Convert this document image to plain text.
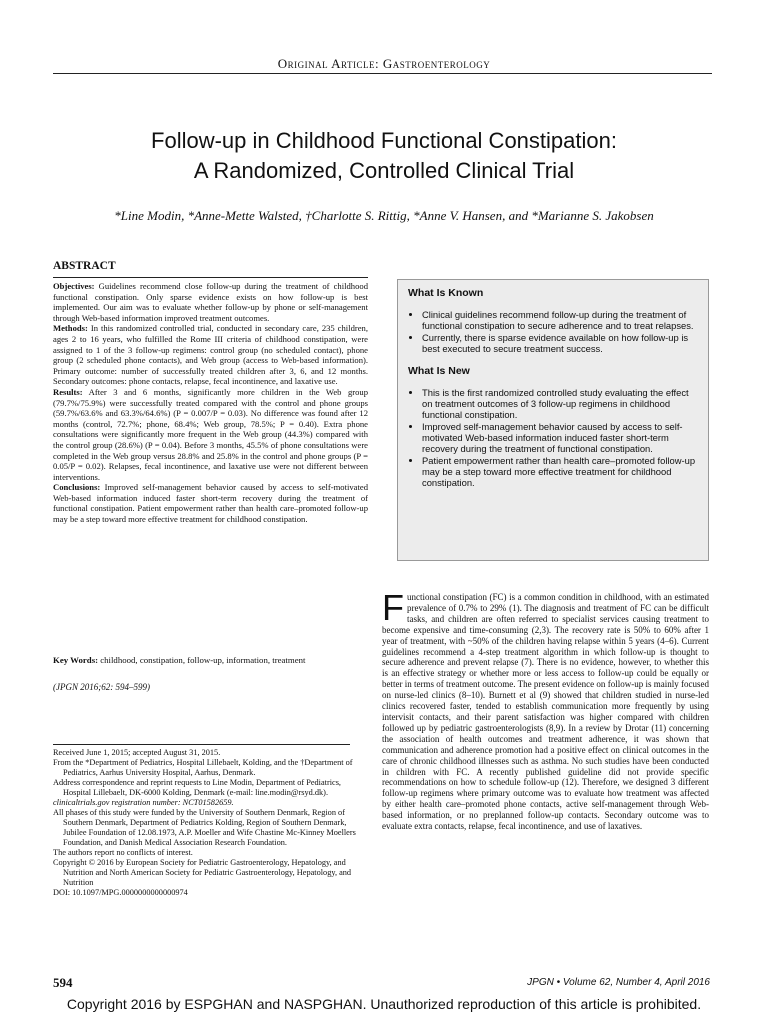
Original Article: Gastroenterology
Follow-up in Childhood Functional Constipation:
A Randomized, Controlled Clinical Trial
*Line Modin, *Anne-Mette Walsted, †Charlotte S. Rittig, *Anne V. Hansen, and *Marianne S. Jakobsen
ABSTRACT

Objectives: Guidelines recommend close follow-up during the treatment of childhood functional constipation. Only sparse evidence exists on how follow-up is best implemented. Our aim was to evaluate whether follow-up by phone or self-management through Web-based information improved treatment outcomes.

Methods: In this randomized controlled trial, conducted in secondary care, 235 children, ages 2 to 16 years, who fulfilled the Rome III criteria of childhood constipation, were assigned to 1 of the 3 follow-up regimens: control group (no scheduled contact), phone group (2 scheduled phone contacts), and Web group (access to Web-based information). Primary outcome: number of successfully treated children after 3, 6, and 12 months. Secondary outcomes: phone contacts, relapse, fecal incontinence, and laxative use.

Results: After 3 and 6 months, significantly more children in the Web group (79.7%/75.9%) were successfully treated compared with the control and phone groups (59.7%/63.6% and 63.3%/64.6%) (P = 0.007/P = 0.03). No difference was found after 12 months (control, 72.7%; phone, 68.4%; Web group, 78.5%; P = 0.40). Extra phone consultations were significantly more frequent in the Web group (44.3%) compared with the control group (28.6%) (P = 0.04). Before 3 months, 45.5% of phone consultations were completed in the Web group versus 28.8% and 25.8% in the control and phone groups (P = 0.05/P = 0.02). Relapses, fecal incontinence, and laxative use were not different between interventions.

Conclusions: Improved self-management behavior caused by access to self-motivated Web-based information induced faster short-term recovery during the treatment of functional constipation. Patient empowerment rather than health care–promoted follow-up may be a step toward more effective treatment for childhood constipation.

Key Words: childhood, constipation, follow-up, information, treatment
(JPGN 2016;62: 594–599)

Received June 1, 2015; accepted August 31, 2015.

From the *Department of Pediatrics, Hospital Lillebaelt, Kolding, and the †Department of Pediatrics, Aarhus University Hospital, Aarhus, Denmark.

Address correspondence and reprint requests to Line Modin, Department of Pediatrics, Hospital Lillebaelt, DK-6000 Kolding, Denmark (e-mail: line.modin@rsyd.dk).

clinicaltrials.gov registration number: NCT01582659.

All phases of this study were funded by the University of Southern Denmark, Region of Southern Denmark, Department of Pediatrics Kolding, Region of Southern Denmark, Jubilee Foundation of 12.08.1973, A.P. Moeller and Wife Chastine Mc-Kinney Moellers Foundation, and Danish Medical Association Research Foundation.

The authors report no conflicts of interest.

Copyright © 2016 by European Society for Pediatric Gastroenterology, Hepatology, and Nutrition and North American Society for Pediatric Gastroenterology, Hepatology, and Nutrition

DOI: 10.1097/MPG.0000000000000974

What Is Known
• Clinical guidelines recommend follow-up during the treatment of functional constipation to secure adherence and to treat relapses.
• Currently, there is sparse evidence available on how follow-up is best executed to secure treatment success.
What Is New
• This is the first randomized controlled study evaluating the effect on treatment outcomes of 3 follow-up regimens in childhood functional constipation.
• Improved self-management behavior caused by access to self-motivated Web-based information induced faster short-term recovery during the treatment of functional constipation.
• Patient empowerment rather than health care–promoted follow-up may be a step toward more effective treatment for childhood constipation.

Functional constipation (FC) is a common condition in childhood, with an estimated prevalence of 0.7% to 29% (1). The diagnosis and treatment of FC can be difficult tasks, and children are often referred to specialist services causing treatment to become expensive and time-consuming (2,3). The recovery rate is 50% to 60% after 1 year of treatment, with ~50% of the children having relapse within 5 years (4–6). Current guidelines recommend a 4-step treatment algorithm in which follow-up is thought to secure adherence and prevent relapse (7). There is no evidence, however, to whether this is an effective strategy or whether more or less access to follow-up could be equally or better in terms of treatment outcome. The present evidence on follow-up is mainly focused on nurse-led clinics (8–10). Burnett et al (9) showed that children studied in nurse-led clinics recovered faster, tended to establish communication more frequently by using intervisit contacts, and their parent satisfaction was higher compared with children followed up by pediatric gastroenterologists (8,9). In a review by Drotar (11) concerning the association of health outcomes and treatment adherence, it was shown that communication and adherence promotion had a positive effect on clinical outcomes in the care of chronic childhood illnesses such as asthma. No such studies have been conducted in children with FC. A recently published guideline did not provide specific recommendations on how to schedule follow-up (12). Therefore, we designed 3 different follow-up regimens where primary outcome was to evaluate how treatment was affected by either health care–promoted phone contacts, active self-management through Web-based information, or no preplanned follow-up contacts. Secondary outcome was to evaluate extra contacts, relapse, fecal incontinence, and use of laxatives.

594	JPGN • Volume 62, Number 4, April 2016
Copyright 2016 by ESPGHAN and NASPGHAN. Unauthorized reproduction of this article is prohibited.
